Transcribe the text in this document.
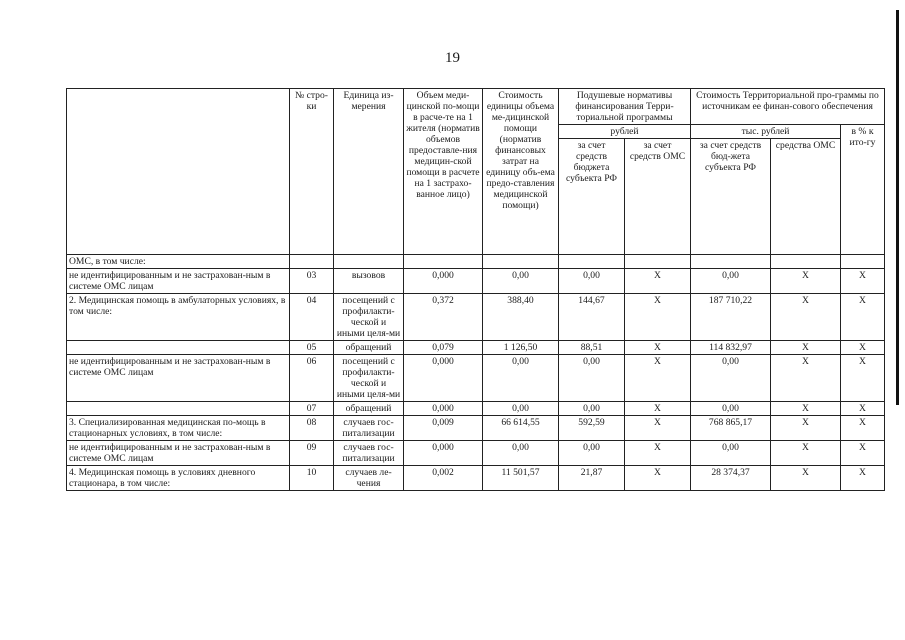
19
	№ стро-ки	Единица из-мерения	Объем меди-цинской по-мощи в расче-те на 1 жителя (норматив объемов предоставле-ния медицин-ской помощи в расчете на 1 застрахо-ванное лицо)	Стоимость единицы объема ме-дицинской помощи (норматив финансовых затрат на единицу объ-ема предо-ставления медицинской помощи)	Подушевые нормативы финансирования Терри-ториальной программы		Стоимость Территориальной про-граммы по источникам ее финан-сового обеспечения		
					рублей		тыс. рублей		в % к ито-гу
					за счет средств бюджета субъекта РФ	за счет средств ОМС	за счет средств бюд-жета субъекта РФ	средства ОМС	
ОМС, в том числе:									
не идентифицированным и не застрахован-ным в системе ОМС лицам	03	вызовов	0,000	0,00	0,00	X	0,00	X	X
2. Медицинская помощь в амбулаторных условиях, в том числе:	04	посещений с профилакти-ческой и иными целя-ми	0,372	388,40	144,67	X	187 710,22	X	X
	05	обращений	0,079	1 126,50	88,51	X	114 832,97	X	X
не идентифицированным и не застрахован-ным в системе ОМС лицам	06	посещений с профилакти-ческой и иными целя-ми	0,000	0,00	0,00	X	0,00	X	X
	07	обращений	0,000	0,00	0,00	X	0,00	X	X
3. Специализированная медицинская по-мощь в стационарных условиях, в том числе:	08	случаев гос-питализации	0,009	66 614,55	592,59	X	768 865,17	X	X
не идентифицированным и не застрахован-ным в системе ОМС лицам	09	случаев гос-питализации	0,000	0,00	0,00	X	0,00	X	X
4. Медицинская помощь в условиях дневного стационара, в том числе:	10	случаев ле-чения	0,002	11 501,57	21,87	X	28 374,37	X	X
